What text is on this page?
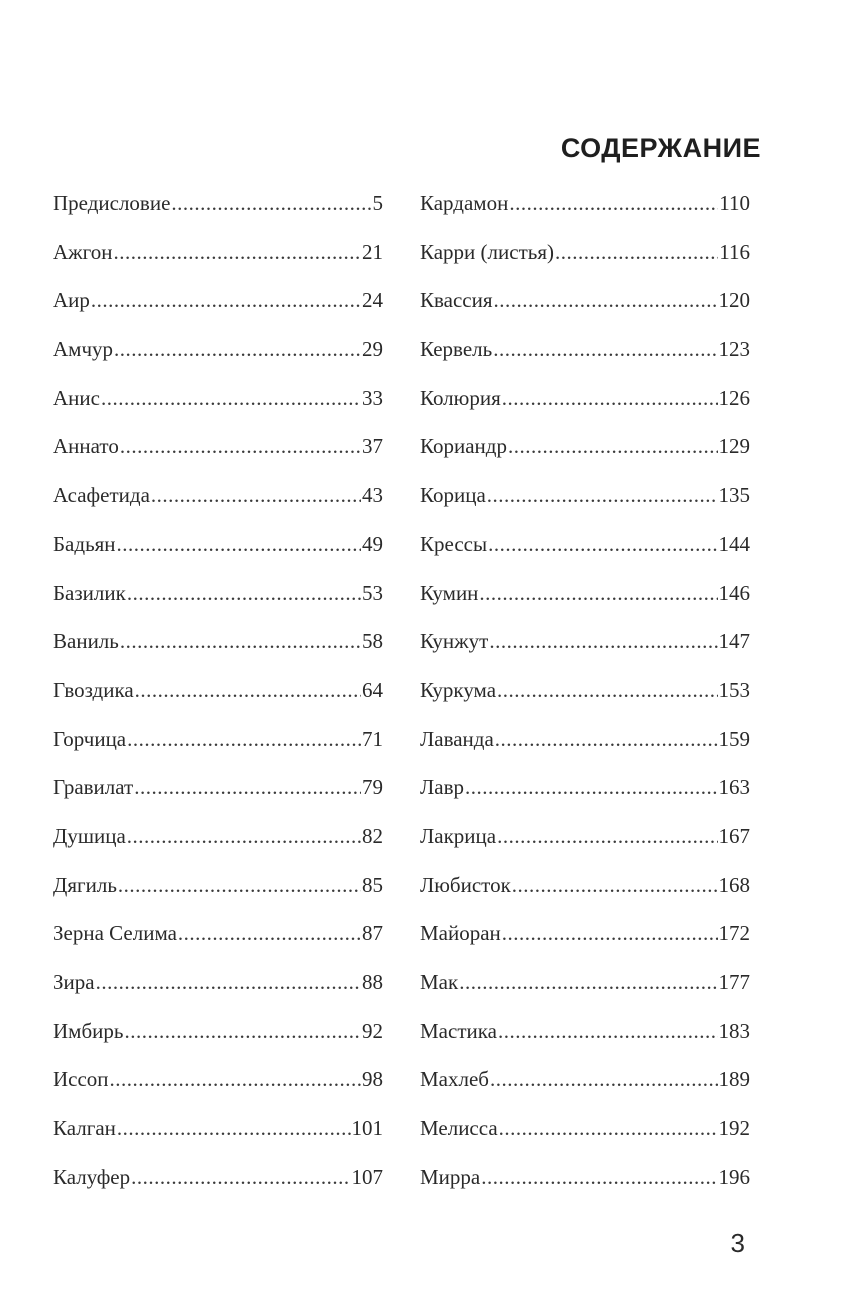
СОДЕРЖАНИЕ
Предисловие .....	5
Ажгон .....	21
Аир .....	24
Амчур .....	29
Анис .....	33
Аннато .....	37
Асафетида .....	43
Бадьян .....	49
Базилик .....	53
Ваниль .....	58
Гвоздика .....	64
Горчица .....	71
Гравилат .....	79
Душица .....	82
Дягиль .....	85
Зерна Селима .....	87
Зира .....	88
Имбирь .....	92
Иссоп .....	98
Калган .....	101
Калуфер .....	107
Кардамон .....	110
Карри (листья) .....	116
Квассия .....	120
Кервель .....	123
Колюрия .....	126
Кориандр .....	129
Корица .....	135
Крессы .....	144
Кумин .....	146
Кунжут .....	147
Куркума .....	153
Лаванда .....	159
Лавр .....	163
Лакрица .....	167
Любисток .....	168
Майоран .....	172
Мак .....	177
Мастика .....	183
Махлеб .....	189
Мелисса .....	192
Мирра .....	196

3
